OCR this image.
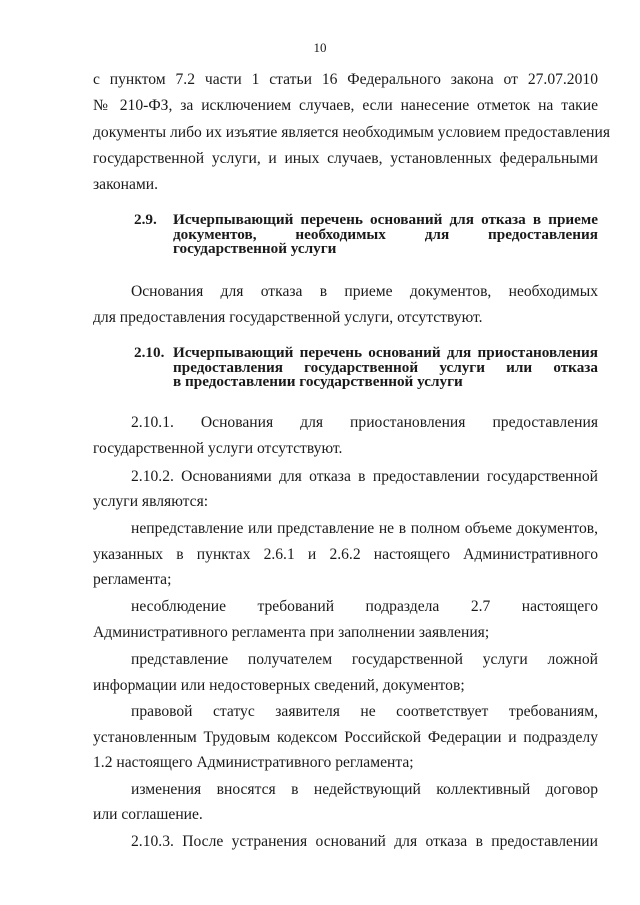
10
с пунктом 7.2 части 1 статьи 16 Федерального закона от 27.07.2010
№ 210-ФЗ, за исключением случаев, если нанесение отметок на такие
документы либо их изъятие является необходимым условием предоставления
государственной услуги, и иных случаев, установленных федеральными
законами.
2.9. Исчерпывающий перечень оснований для отказа в приеме
документов, необходимых для предоставления
государственной услуги
Основания для отказа в приеме документов, необходимых
для предоставления государственной услуги, отсутствуют.
2.10. Исчерпывающий перечень оснований для приостановления
предоставления государственной услуги или отказа
в предоставлении государственной услуги
2.10.1. Основания для приостановления предоставления
государственной услуги отсутствуют.
2.10.2. Основаниями для отказа в предоставлении государственной
услуги являются:
непредставление или представление не в полном объеме документов,
указанных в пунктах 2.6.1 и 2.6.2 настоящего Административного
регламента;
несоблюдение требований подраздела 2.7 настоящего
Административного регламента при заполнении заявления;
представление получателем государственной услуги ложной
информации или недостоверных сведений, документов;
правовой статус заявителя не соответствует требованиям,
установленным Трудовым кодексом Российской Федерации и подразделу
1.2 настоящего Административного регламента;
изменения вносятся в недействующий коллективный договор
или соглашение.
2.10.3. После устранения оснований для отказа в предоставлении
